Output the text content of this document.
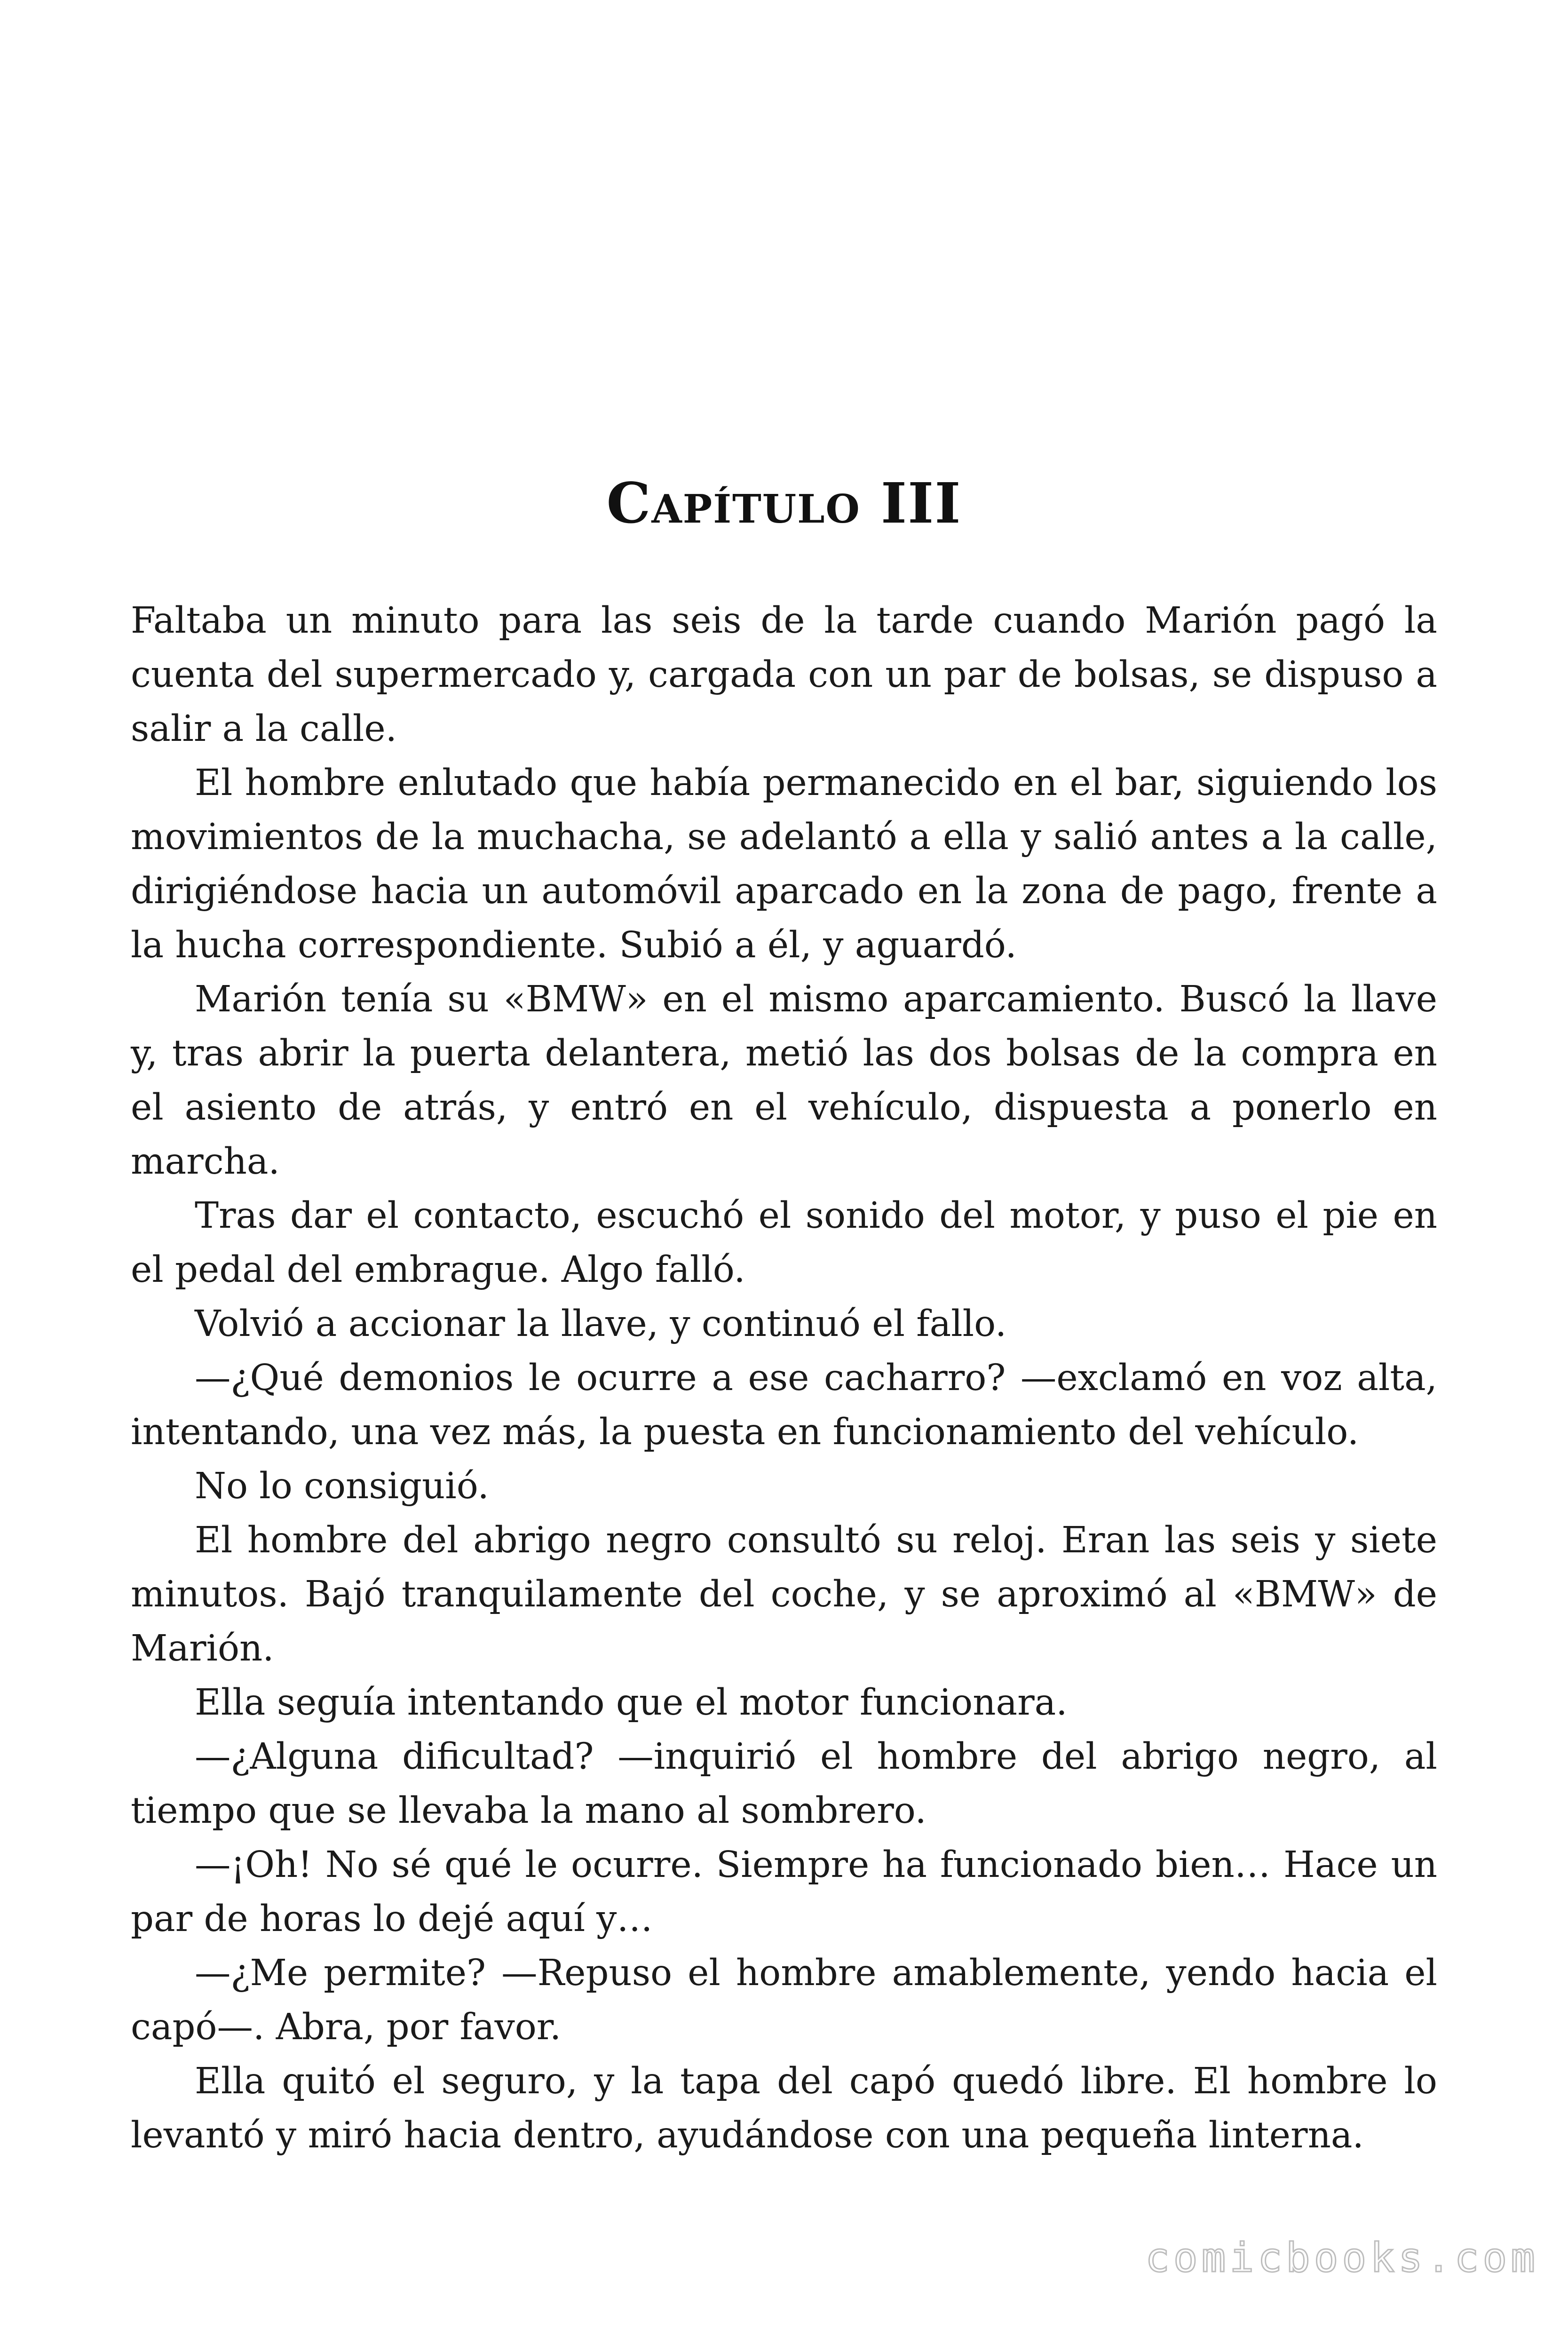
Capítulo III

Faltaba un minuto para las seis de la tarde cuando Marión pagó la cuenta del supermercado y, cargada con un par de bolsas, se dispuso a salir a la calle.

El hombre enlutado que había permanecido en el bar, siguiendo los movimientos de la muchacha, se adelantó a ella y salió antes a la calle, dirigiéndose hacia un automóvil aparcado en la zona de pago, frente a la hucha correspondiente. Subió a él, y aguardó.

Marión tenía su «BMW» en el mismo aparcamiento. Buscó la llave y, tras abrir la puerta delantera, metió las dos bolsas de la compra en el asiento de atrás, y entró en el vehículo, dispuesta a ponerlo en marcha.

Tras dar el contacto, escuchó el sonido del motor, y puso el pie en el pedal del embrague. Algo falló.

Volvió a accionar la llave, y continuó el fallo.

—¿Qué demonios le ocurre a ese cacharro? —exclamó en voz alta, intentando, una vez más, la puesta en funcionamiento del vehículo.

No lo consiguió.

El hombre del abrigo negro consultó su reloj. Eran las seis y siete minutos. Bajó tranquilamente del coche, y se aproximó al «BMW» de Marión.

Ella seguía intentando que el motor funcionara.

—¿Alguna dificultad? —inquirió el hombre del abrigo negro, al tiempo que se llevaba la mano al sombrero.

—¡Oh! No sé qué le ocurre. Siempre ha funcionado bien… Hace un par de horas lo dejé aquí y…

—¿Me permite? —Repuso el hombre amablemente, yendo hacia el capó—. Abra, por favor.

Ella quitó el seguro, y la tapa del capó quedó libre. El hombre lo levantó y miró hacia dentro, ayudándose con una pequeña linterna.

comicbooks.com
